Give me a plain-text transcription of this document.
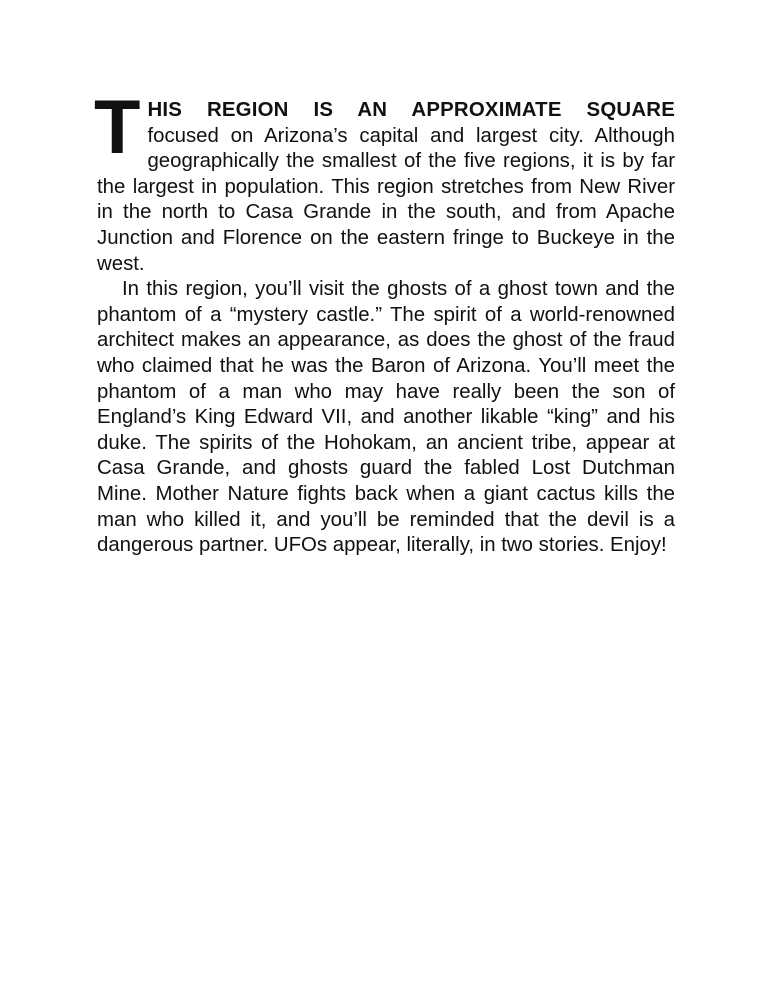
T HIS REGION IS AN APPROXIMATE SQUARE
focused on Arizona’s capital and largest city. Although geographically the smallest of the five regions, it is by far the largest in population. This region stretches from New River in the north to Casa Grande in the south, and from Apache Junction and Florence on the eastern fringe to Buckeye in the west.

In this region, you’ll visit the ghosts of a ghost town and the phantom of a “mystery castle.” The spirit of a world-renowned architect makes an appearance, as does the ghost of the fraud who claimed that he was the Baron of Arizona. You’ll meet the phantom of a man who may have really been the son of England’s King Edward VII, and another likable “king” and his duke. The spirits of the Hohokam, an ancient tribe, appear at Casa Grande, and ghosts guard the fabled Lost Dutchman Mine. Mother Nature fights back when a giant cactus kills the man who killed it, and you’ll be reminded that the devil is a dangerous partner. UFOs appear, literally, in two stories. Enjoy!
